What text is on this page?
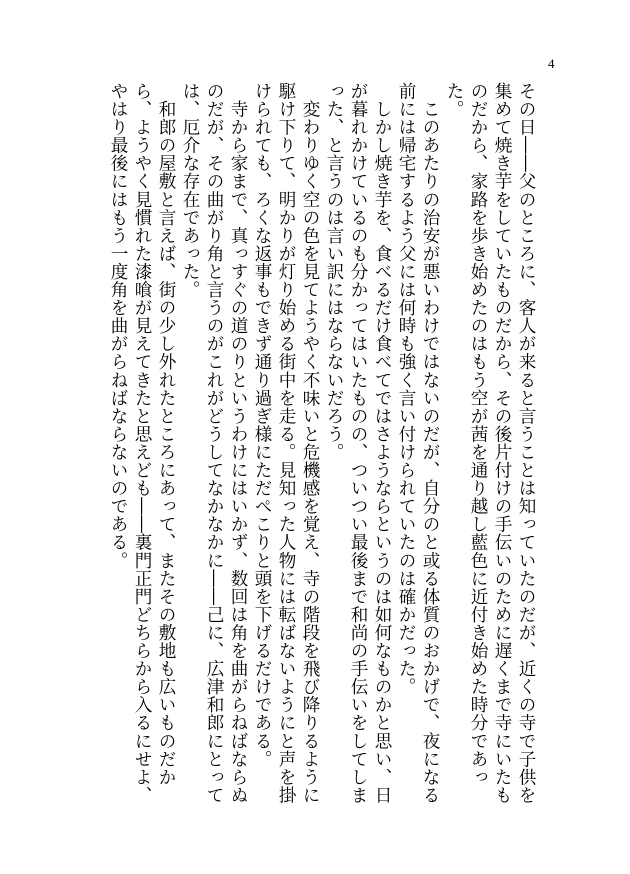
4

その日――父のところに、客人が来ると言うことは知っていたのだが、近くの寺で子供を集めて焼き芋をしていたものだから、その後片付けの手伝いのために遅くまで寺にいたものだから、家路を歩き始めたのはもう空が茜を通り越し藍色に近付き始めた時分であった。

　このあたりの治安が悪いわけではないのだが、自分のと或る体質のおかげで、夜になる前には帰宅するよう父には何時も強く言い付けられていたのは確かだった。

　しかし焼き芋を、食べるだけ食べてではさようならというのは如何なものかと思い、日が暮れかけているのも分かってはいたものの、ついつい最後まで和尚の手伝いをしてしまった、と言うのは言い訳にはならないだろう。

　変わりゆく空の色を見てようやく不味いと危機感を覚え、寺の階段を飛び降りるように駆け下りて、明かりが灯り始める街中を走る。見知った人物には転ばないようにと声を掛けられても、ろくな返事もできず通り過ぎ様にただぺこりと頭を下げるだけである。

　寺から家まで、真っすぐの道のりというわけにはいかず、数回は角を曲がらねばならぬのだが、その曲がり角と言うのがこれがどうしてなかなかに――己に、広津和郎にとっては、厄介な存在であった。

　和郎の屋敷と言えば、街の少し外れたところにあって、またその敷地も広いものだから、ようやく見慣れた漆喰が見えてきたと思えども――裏門正門どちらから入るにせよ、やはり最後にはもう一度角を曲がらねばならないのである。
